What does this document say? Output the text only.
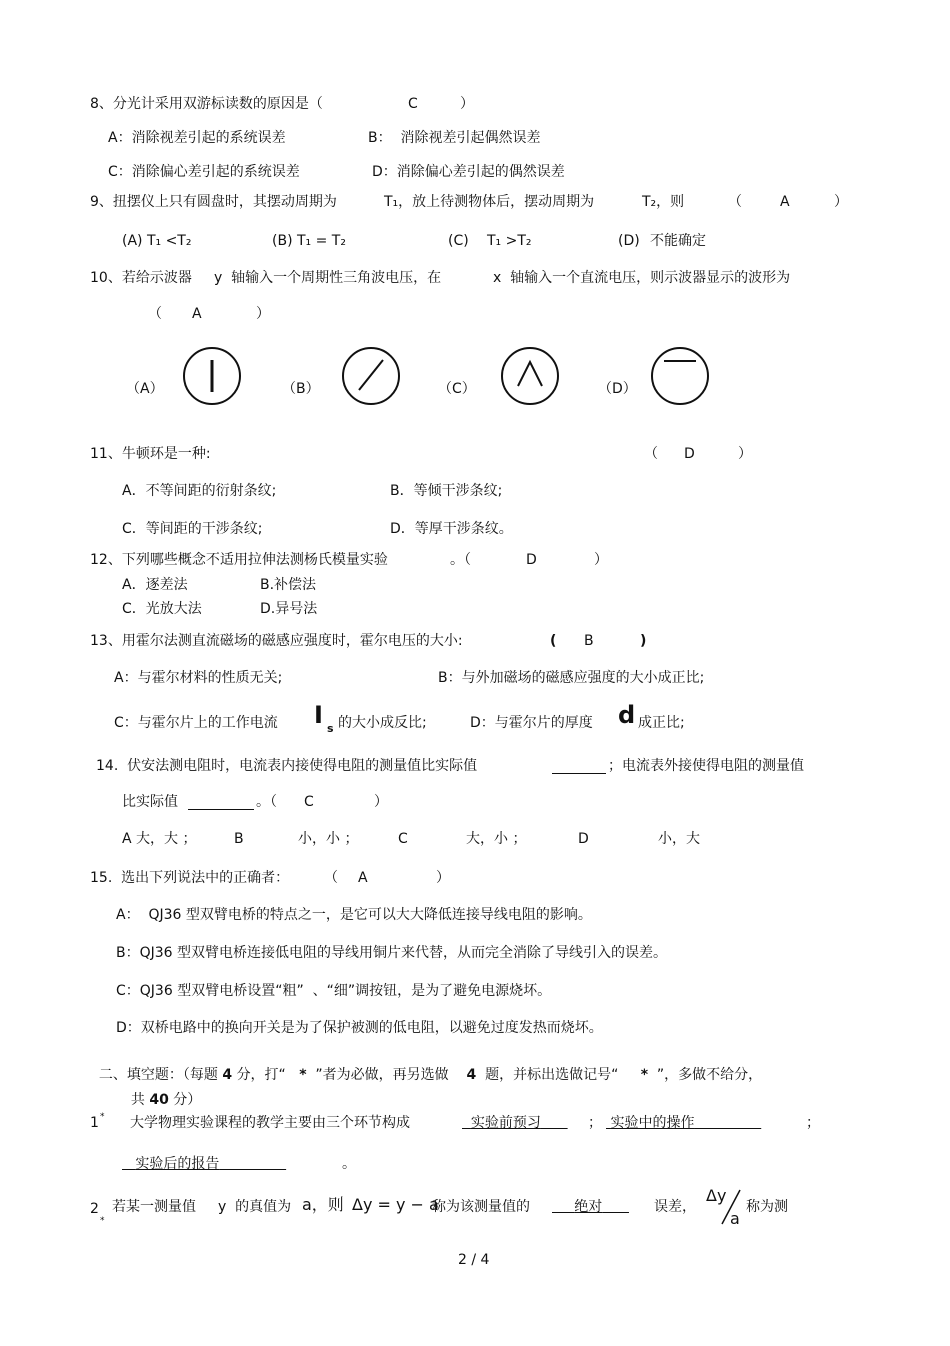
8、分光计采用双游标读数的原因是（	C	）
A：消除视差引起的系统误差	B：  消除视差引起偶然误差
C：消除偏心差引起的系统误差	D：消除偏心差引起的偶然误差
9、扭摆仪上只有圆盘时，其摆动周期为	T₁，放上待测物体后，摆动周期为	T₂，则	（	A	）
(A) T₁ <T₂	(B) T₁ = T₂	(C) T₁ >T₂	(D) 不能确定
10、若给示波器 y  轴输入一个周期性三角波电压，在	x  轴输入一个直流电压，则示波器显示的波形为
（ A	）
（A）	（B）	（C）	（D）
11、牛顿环是一种:	（ D	）
A．不等间距的衍射条纹;	B．等倾干涉条纹;
C．等间距的干涉条纹;	D．等厚干涉条纹。
12、下列哪些概念不适用拉伸法测杨氏模量实验	。（	D	）
A．逐差法	B.补偿法
C．光放大法	D.异号法
13、用霍尔法测直流磁场的磁感应强度时，霍尔电压的大小:	( B	)
A：与霍尔材料的性质无关;	B：与外加磁场的磁感应强度的大小成正比;
C：与霍尔片上的工作电流 I s 的大小成反比;	D：与霍尔片的厚度 d 成正比;
14.  伏安法测电阻时，电流表内接使得电阻的测量值比实际值	；电流表外接使得电阻的测量值
比实际值	。（ C	）
A 大，大 ；	B	小，小 ；	C	大，小 ；	D	小，大
15.  选出下列说法中的正确者： （ A	）
A：  QJ36 型双臂电桥的特点之一，是它可以大大降低连接导线电阻的影响。
B：QJ36 型双臂电桥连接低电阻的导线用铜片来代替，从而完全消除了导线引入的误差。
C：QJ36 型双臂电桥设置“粗”  、“细”调按钮，是为了避免电源烧坏。
D：双桥电路中的换向开关是为了保护被测的低电阻，以避免过度发热而烧坏。

二、填空题：（每题 4 分，打“ * ”者为必做，再另选做 4 题，并标出选做记号“ * ”，多做不给分，

共 40 分）

1 *	大学物理实验课程的教学主要由三个环节构成	实验前预习	； 实验中的操作	；
实验后的报告	。
2
*
若某一测量值 y  的真值为 a，则 Δy = y − a
称为该测量值的	绝对	误差，
Δy
a
称为测
2 / 4
